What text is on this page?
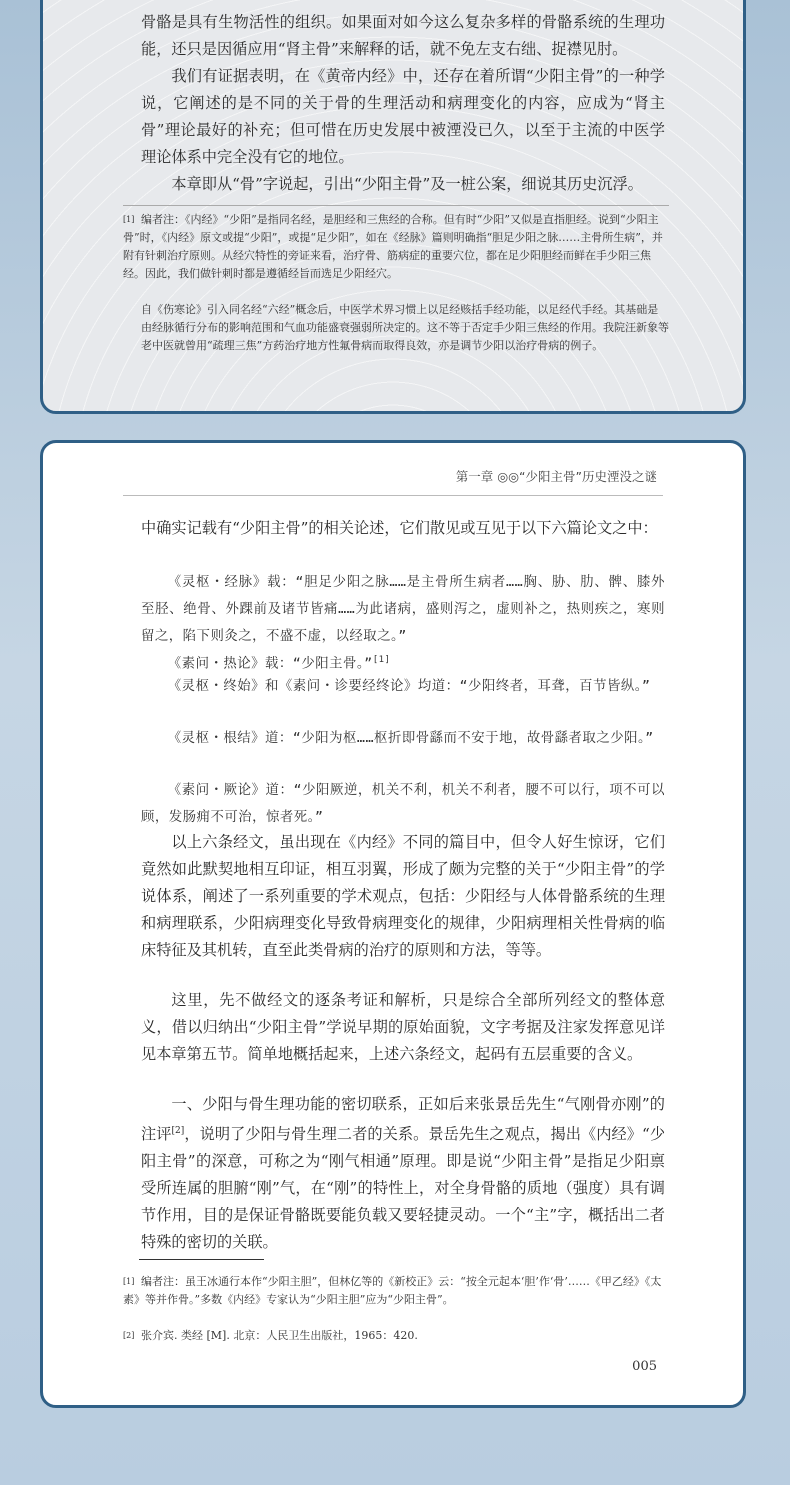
骨骼是具有生物活性的组织。如果面对如今这么复杂多样的骨骼系统的生理功能，还只是因循应用“肾主骨”来解释的话，就不免左支右绌、捉襟见肘。

我们有证据表明，在《黄帝内经》中，还存在着所谓“少阳主骨”的一种学说，它阐述的是不同的关于骨的生理活动和病理变化的内容，应成为“肾主骨”理论最好的补充；但可惜在历史发展中被湮没已久，以至于主流的中医学理论体系中完全没有它的地位。

本章即从“骨”字说起，引出“少阳主骨”及一桩公案，细说其历史沉浮。

[1] 编者注：《内经》“少阳”是指同名经，是胆经和三焦经的合称。但有时“少阳”又似是直指胆经。说到“少阳主骨”时，《内经》原文或提“少阳”，或提“足少阳”，如在《经脉》篇则明确指“胆足少阳之脉……主骨所生病”，并附有针刺治疗原则。从经穴特性的旁证来看，治疗骨、筋病症的重要穴位，都在足少阳胆经而鲜在手少阳三焦经。因此，我们做针刺时都是遵循经旨而选足少阳经穴。

自《伤寒论》引入同名经“六经”概念后，中医学术界习惯上以足经赅括手经功能，以足经代手经。其基础是由经脉循行分布的影响范围和气血功能盛衰强弱所决定的。这不等于否定手少阳三焦经的作用。我院汪新象等老中医就曾用“疏理三焦”方药治疗地方性氟骨病而取得良效，亦是调节少阳以治疗骨病的例子。

第一章 ◎◎“少阳主骨”历史湮没之谜

中确实记载有“少阳主骨”的相关论述，它们散见或互见于以下六篇论文之中：

《灵枢・经脉》载：“胆足少阳之脉……是主骨所生病者……胸、胁、肋、髀、膝外至胫、绝骨、外踝前及诸节皆痛……为此诸病，盛则泻之，虚则补之，热则疾之，寒则留之，陷下则灸之，不盛不虚，以经取之。”

《素问・热论》载：“少阳主骨。”[1]

《灵枢・终始》和《素问・诊要经终论》均道：“少阳终者，耳聋，百节皆纵。”

《灵枢・根结》道：“少阳为枢……枢折即骨繇而不安于地，故骨繇者取之少阳。”

《素问・厥论》道：“少阳厥逆，机关不利，机关不利者，腰不可以行，项不可以顾，发肠痈不可治，惊者死。”

以上六条经文，虽出现在《内经》不同的篇目中，但令人好生惊讶，它们竟然如此默契地相互印证，相互羽翼，形成了颇为完整的关于“少阳主骨”的学说体系，阐述了一系列重要的学术观点，包括：少阳经与人体骨骼系统的生理和病理联系，少阳病理变化导致骨病理变化的规律，少阳病理相关性骨病的临床特征及其机转，直至此类骨病的治疗的原则和方法，等等。

这里，先不做经文的逐条考证和解析，只是综合全部所列经文的整体意义，借以归纳出“少阳主骨”学说早期的原始面貌，文字考据及注家发挥意见详见本章第五节。简单地概括起来，上述六条经文，起码有五层重要的含义。

一、少阳与骨生理功能的密切联系，正如后来张景岳先生“气刚骨亦刚”的注评[2]，说明了少阳与骨生理二者的关系。景岳先生之观点，揭出《内经》“少阳主骨”的深意，可称之为“刚气相通”原理。即是说“少阳主骨”是指足少阳禀受所连属的胆腑“刚”气，在“刚”的特性上，对全身骨骼的质地（强度）具有调节作用，目的是保证骨骼既要能负载又要轻捷灵动。一个“主”字，概括出二者特殊的密切的关联。

[1] 编者注：虽王冰通行本作“少阳主胆”，但林亿等的《新校正》云：“按全元起本‘胆’作‘骨’……《甲乙经》《太素》等并作骨。”多数《内经》专家认为“少阳主胆”应为“少阳主骨”。

[2] 张介宾. 类经 [M]. 北京：人民卫生出版社，1965：420.

005
